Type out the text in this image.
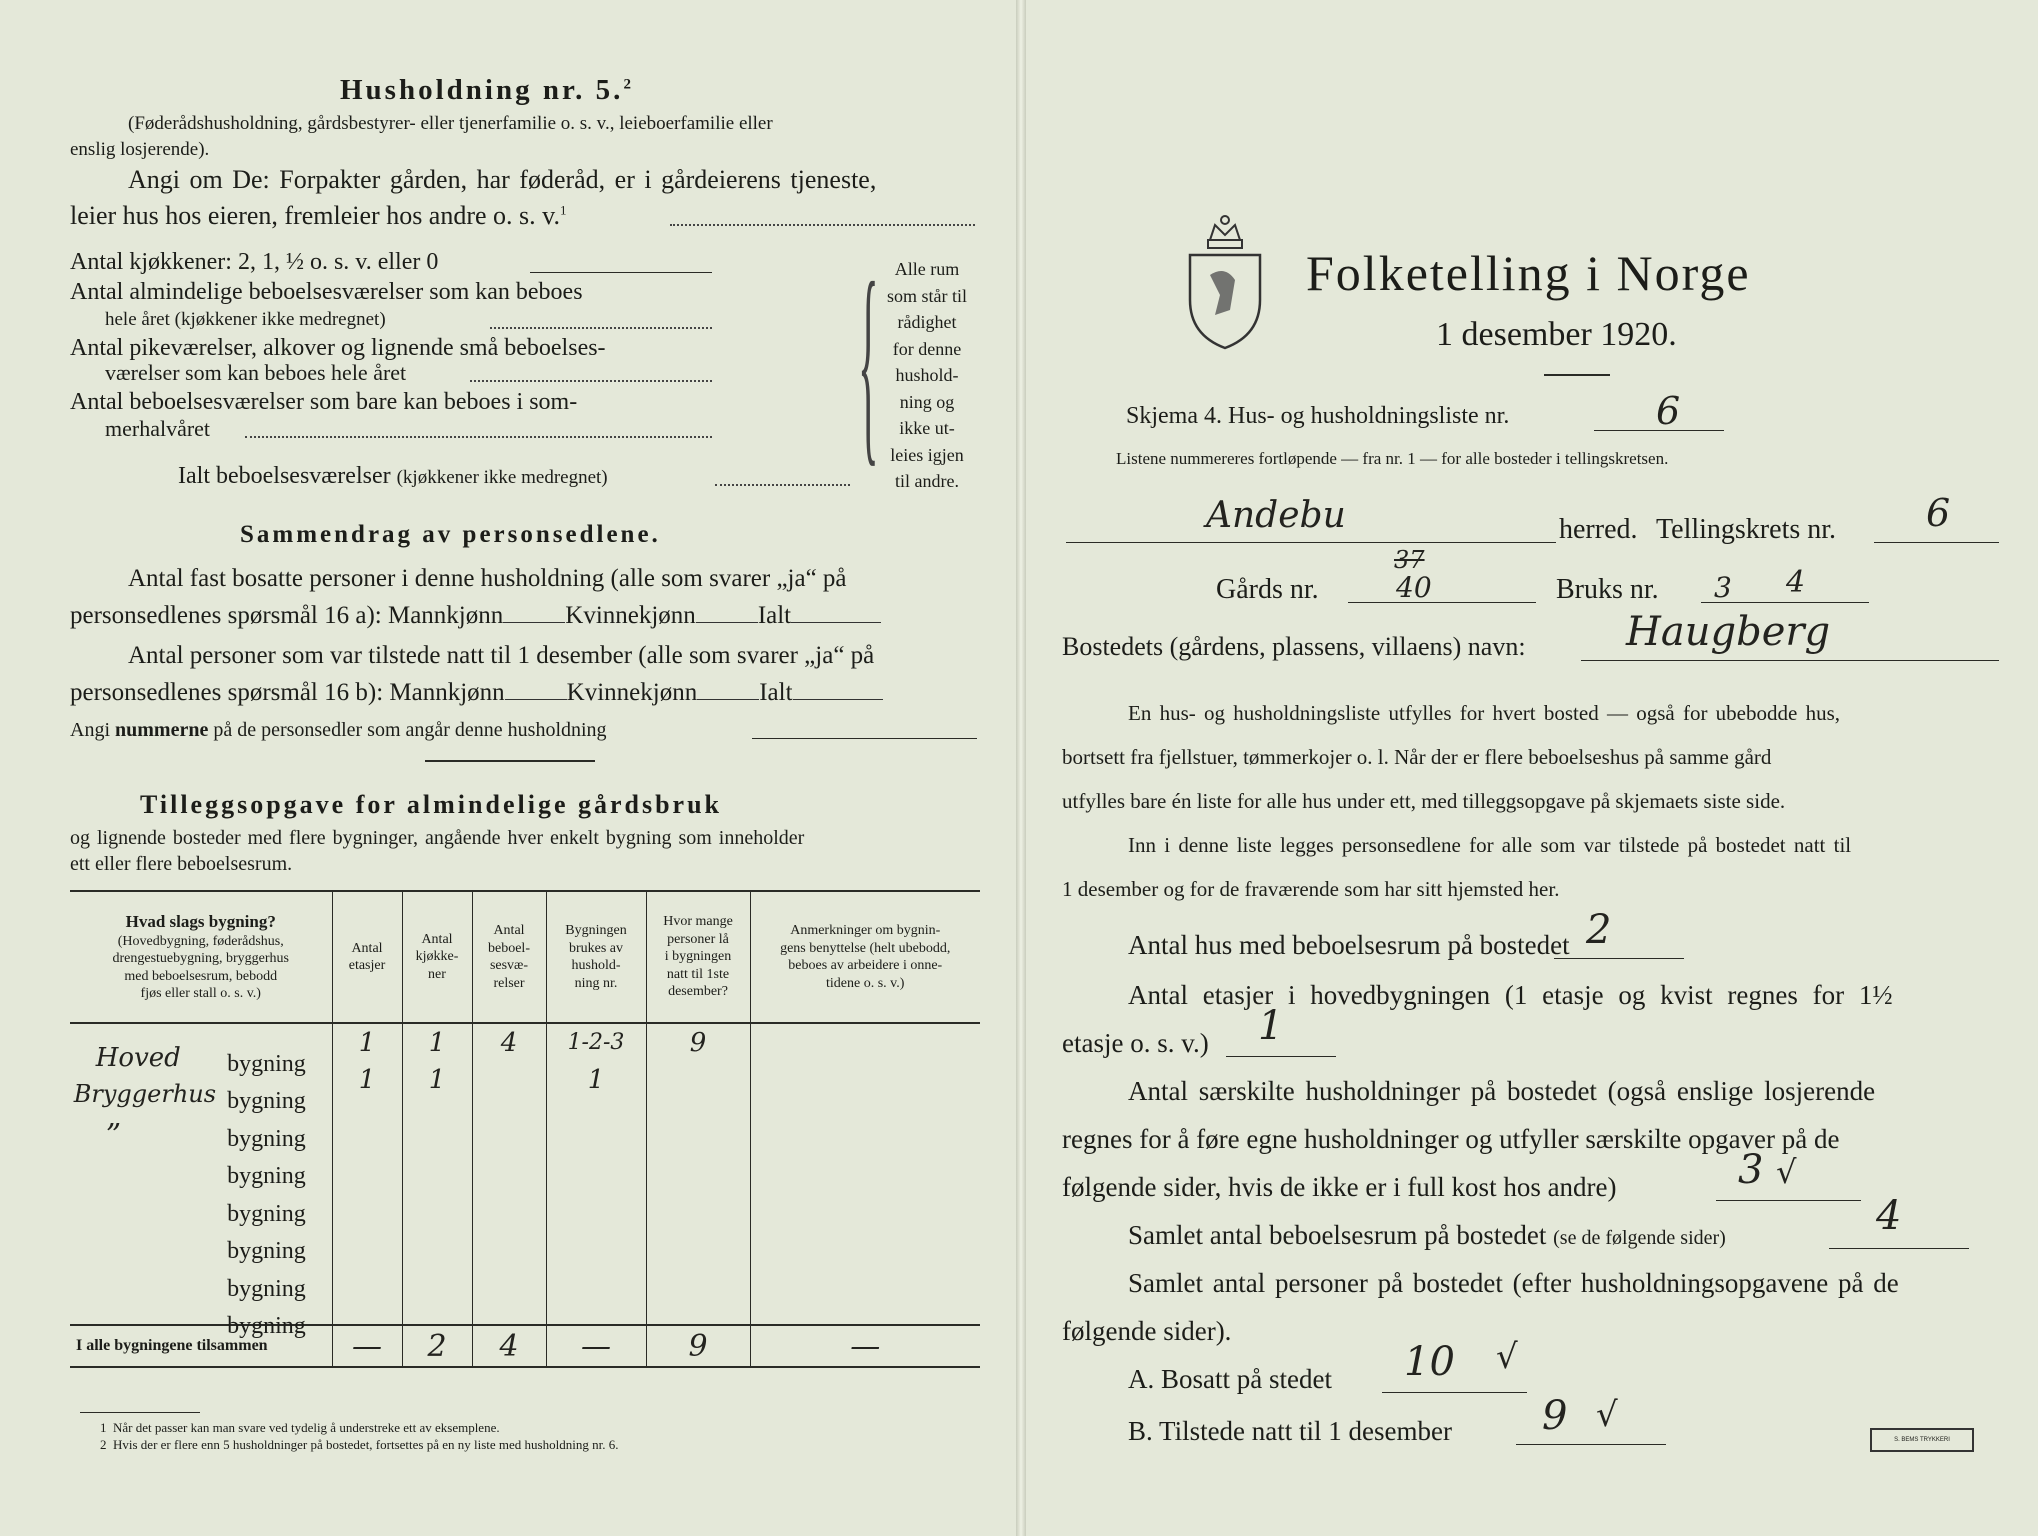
Husholdning nr. 5.$^2$
(Føderådshusholdning, gårdsbestyrer- eller tjenerfamilie o. s. v., leieboerfamilie eller
enslig losjerende).
Angi om De: Forpakter gården, har føderåd, er i gårdeierens tjeneste,
leier hus hos eieren, fremleier hos andre o. s. v.$^1$
Antal kjøkkener: 2, 1, ½ o. s. v. eller 0
Antal almindelige beboelsesværelser som kan beboes
hele året (kjøkkener ikke medregnet)
Antal pikeværelser, alkover og lignende små beboelses-
værelser som kan beboes hele året
Antal beboelsesværelser som bare kan beboes i som-
merhalvåret
Ialt beboelsesværelser (kjøkkener ikke medregnet)	{ Alle rum
som står til
rådighet
for denne
hushold-
ning og
ikke ut-
leies igjen
til andre.
Sammendrag av personsedlene.
Antal fast bosatte personer i denne husholdning (alle som svarer „ja“ på
personsedlenes spørsmål 16 a): Mannkjønn Kvinnekjønn Ialt
Antal personer som var tilstede natt til 1 desember (alle som svarer „ja“ på
personsedlenes spørsmål 16 b): Mannkjønn Kvinnekjønn Ialt
Angi nummerne på de personsedler som angår denne husholdning
Tilleggsopgave for almindelige gårdsbruk
og lignende bosteder med flere bygninger, angående hver enkelt bygning som inneholder
ett eller flere beboelsesrum.
Hvad slags bygning?
(Hovedbygning, føderådshus,
drengestuebygning, bryggerhus
med beboelsesrum, bebodd
fjøs eller stall o. s. v.)	Antal
etasjer	Antal
kjøkke-
ner	Antal
beboel-
sesvæ-
relser	Bygningen
brukes av
hushold-
ning nr.	Hvor mange
personer lå
i bygningen
natt til 1ste
desember?	Anmerkninger om bygnin-
gens benyttelse (helt ubebodd,
beboes av arbeidere i onne-
tidene o. s. v.)

Hoved bygning	1	1	4	1-2-3	9	

Bryggerhus bygning	1	1		1		

” bygning						

bygning						

bygning						

bygning						

bygning						

bygning						

I alle bygningene tilsammen	—	2	4	—	9	—
1 Når det passer kan man svare ved tydelig å understreke ett av eksemplene.
2 Hvis der er flere enn 5 husholdninger på bostedet, fortsettes på en ny liste med husholdning nr. 6.
Folketelling i Norge
1 desember 1920.
Skjema 4. Hus- og husholdningsliste nr.	6
Listene nummereres fortløpende — fra nr. 1 — for alle bosteder i tellingskretsen.
Andebu	herred. Tellingskrets nr. 6
Gårds nr.
37
40	Bruks nr. 3 4
Bostedets (gårdens, plassens, villaens) navn:	Haugberg
En hus- og husholdningsliste utfylles for hvert bosted — også for ubebodde hus,
bortsett fra fjellstuer, tømmerkojer o. l. Når der er flere beboelseshus på samme gård
utfylles bare én liste for alle hus under ett, med tilleggsopgave på skjemaets siste side.
Inn i denne liste legges personsedlene for alle som var tilstede på bostedet natt til
1 desember og for de fraværende som har sitt hjemsted her.
Antal hus med beboelsesrum på bostedet 2
Antal etasjer i hovedbygningen (1 etasje og kvist regnes for 1½
etasje o. s. v.) 1
Antal særskilte husholdninger på bostedet (også enslige losjerende
regnes for å føre egne husholdninger og utfyller særskilte opgaver på de
følgende sider, hvis de ikke er i full kost hos andre)	3 √
Samlet antal beboelsesrum på bostedet (se de følgende sider)	4
Samlet antal personer på bostedet (efter husholdningsopgavene på de
følgende sider).
A. Bosatt på stedet 10 √
B. Tilstede natt til 1 desember 9 √
S. BEMS TRYKKERI
